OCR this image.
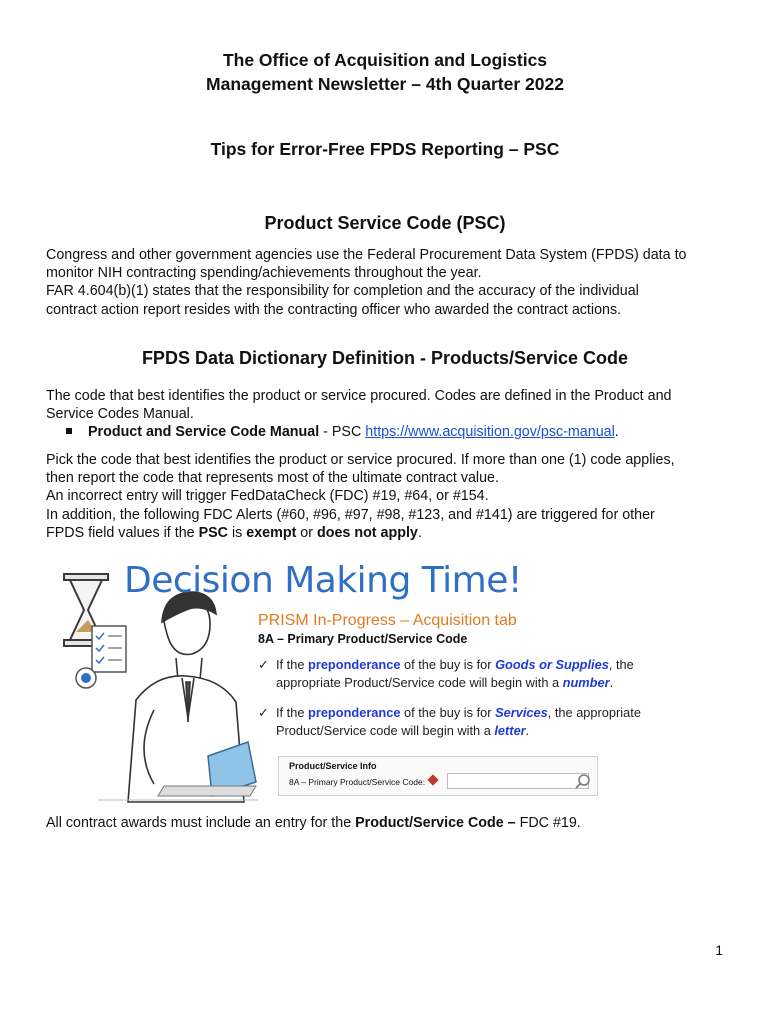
The Office of Acquisition and Logistics
Management Newsletter – 4th Quarter 2022
Tips for Error-Free FPDS Reporting – PSC
Product Service Code (PSC)

Congress and other government agencies use the Federal Procurement Data System (FPDS) data to

monitor NIH contracting spending/achievements throughout the year.

FAR 4.604(b)(1) states that the responsibility for completion and the accuracy of the individual

contract action report resides with the contracting officer who awarded the contract actions.

FPDS Data Dictionary Definition - Products/Service Code

The code that best identifies the product or service procured. Codes are defined in the Product and

Service Codes Manual.

Product and Service Code Manual - PSC https://www.acquisition.gov/psc-manual.

Pick the code that best identifies the product or service procured. If more than one (1) code applies,

then report the code that represents most of the ultimate contract value.

An incorrect entry will trigger FedDataCheck (FDC) #19, #64, or #154.

In addition, the following FDC Alerts (#60, #96, #97, #98, #123, and #141) are triggered for other

FPDS field values if the PSC is exempt or does not apply.

Decision Making Time!
PRISM In-Progress – Acquisition tab
8A – Primary Product/Service Code
✓ If the preponderance of the buy is for Goods or Supplies, the
appropriate Product/Service code will begin with a number.
✓ If the preponderance of the buy is for Services, the appropriate
Product/Service code will begin with a letter.
Product/Service Info
8A – Primary Product/Service Code:

All contract awards must include an entry for the Product/Service Code – FDC #19.

1
